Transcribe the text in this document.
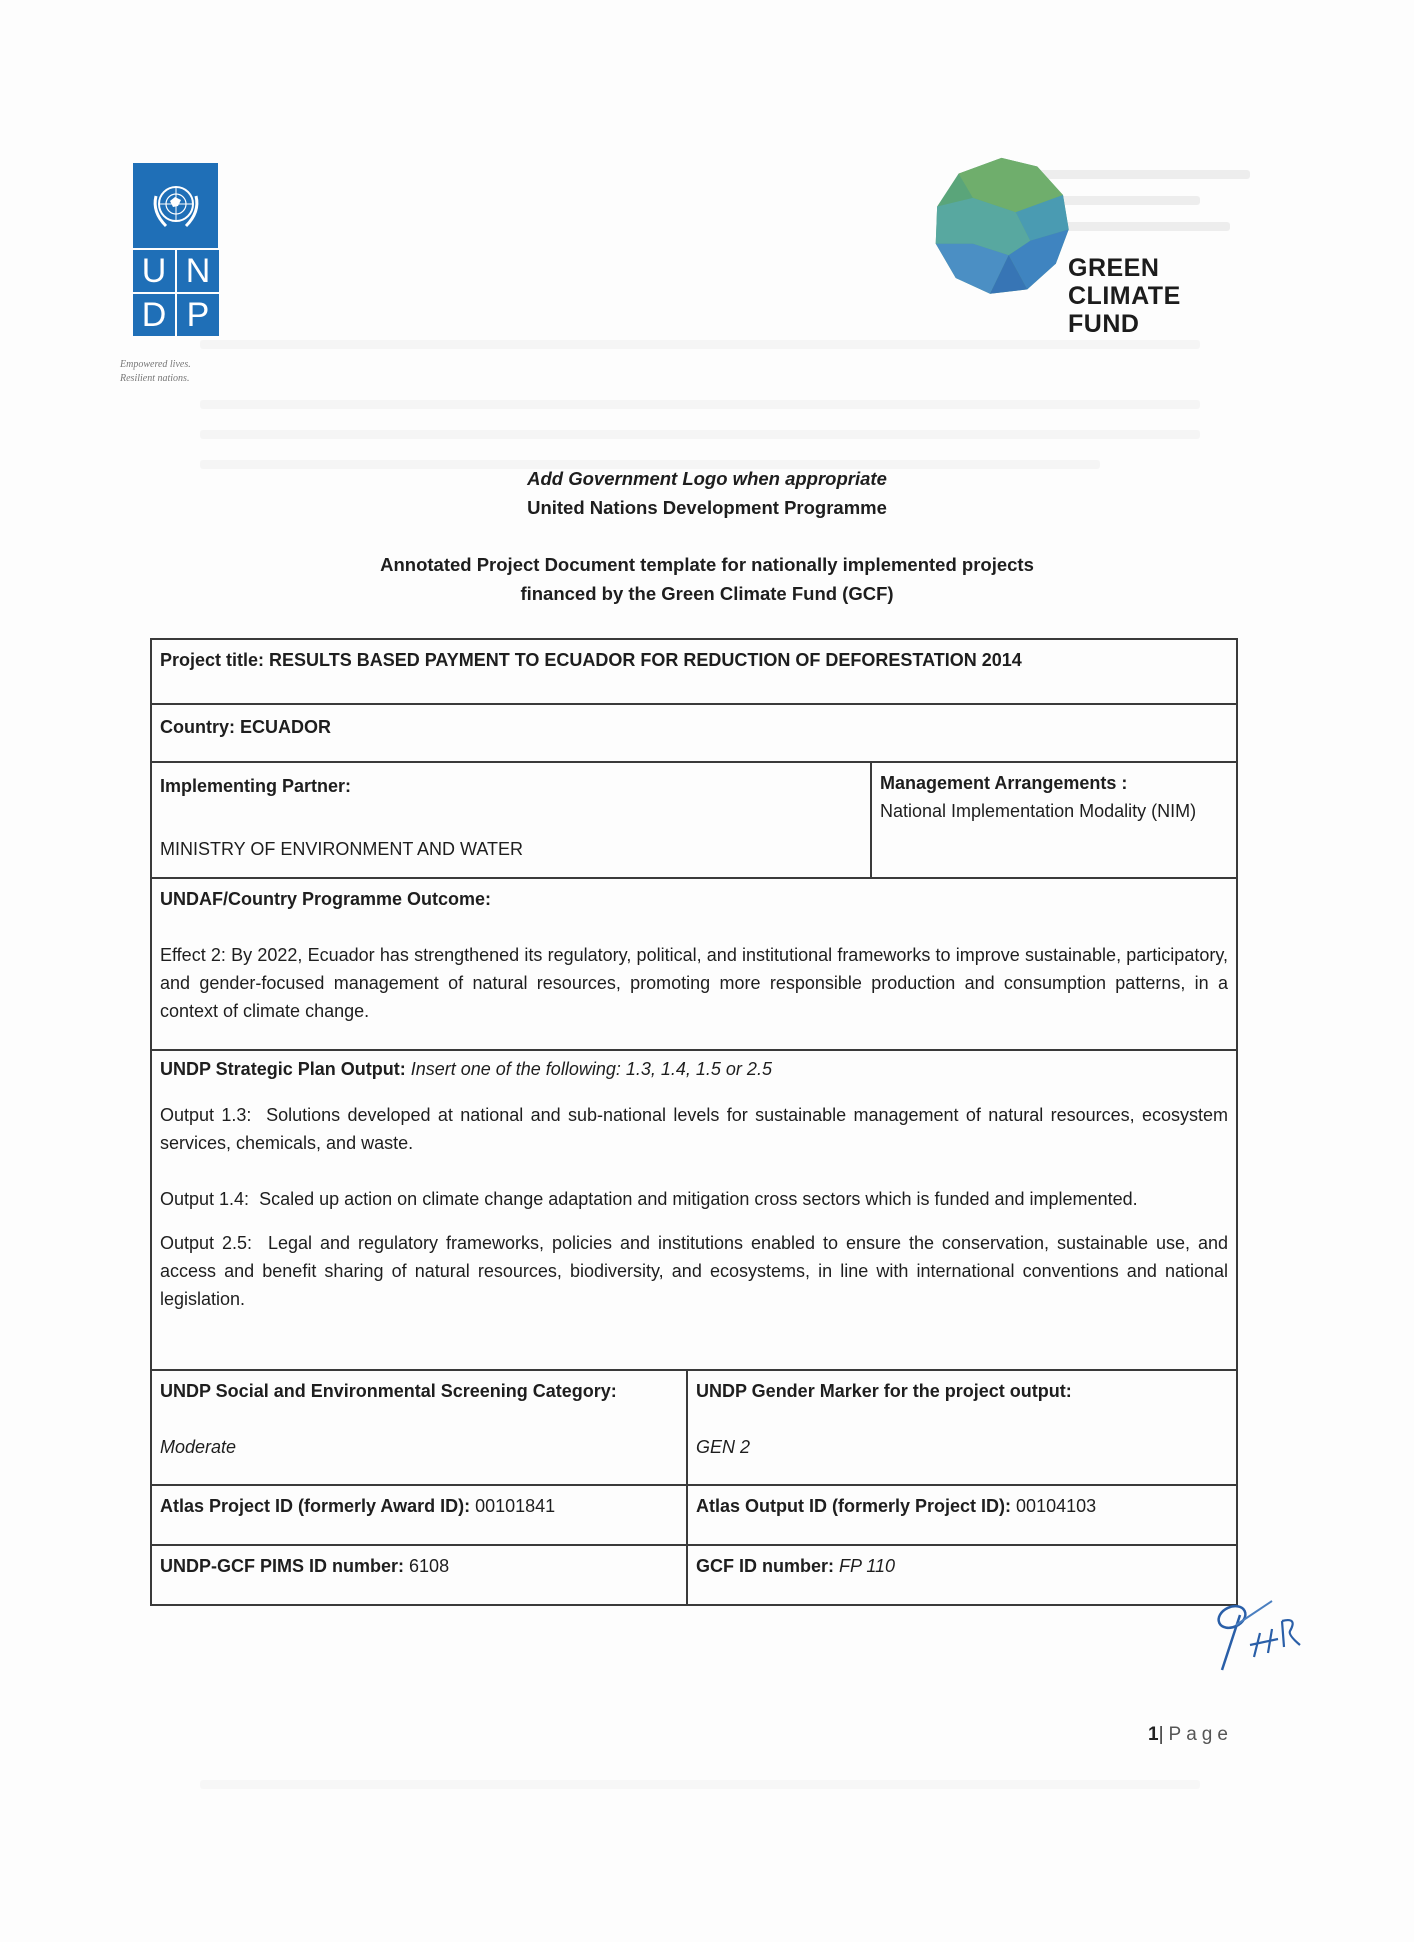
U N
D P
Empowered lives.
Resilient nations.
GREEN
CLIMATE
FUND
Add Government Logo when appropriate
United Nations Development Programme
Annotated Project Document template for nationally implemented projects
financed by the Green Climate Fund (GCF)
Project title: RESULTS BASED PAYMENT TO ECUADOR FOR REDUCTION OF DEFORESTATION 2014
Country: ECUADOR
Implementing Partner:
MINISTRY OF ENVIRONMENT AND WATER
Management Arrangements :
National Implementation Modality (NIM)
UNDAF/Country Programme Outcome:

Effect 2: By 2022, Ecuador has strengthened its regulatory, political, and institutional frameworks to improve sustainable, participatory, and gender-focused management of natural resources, promoting more responsible production and consumption patterns, in a context of climate change.

UNDP Strategic Plan Output: Insert one of the following: 1.3, 1.4, 1.5 or 2.5

Output 1.3: Solutions developed at national and sub-national levels for sustainable management of natural resources, ecosystem services, chemicals, and waste.

Output 1.4: Scaled up action on climate change adaptation and mitigation cross sectors which is funded and implemented.

Output 2.5: Legal and regulatory frameworks, policies and institutions enabled to ensure the conservation, sustainable use, and access and benefit sharing of natural resources, biodiversity, and ecosystems, in line with international conventions and national legislation.

UNDP Social and Environmental Screening Category:
Moderate
UNDP Gender Marker for the project output:
GEN 2
Atlas Project ID (formerly Award ID): 00101841	Atlas Output ID (formerly Project ID): 00104103
UNDP-GCF PIMS ID number: 6108	GCF ID number: FP 110
1|Page
